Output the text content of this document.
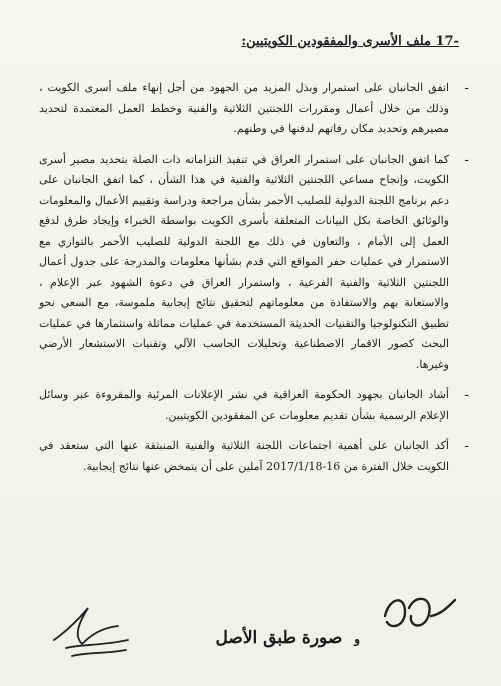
17- ملف الأسرى والمفقودين الكويتيين:
-
اتفق الجانبان على استمرار وبذل المزيد من الجهود من أجل إنهاء ملف أسرى الكويت ، وذلك من خلال أعمال ومقررات اللجنتين الثلاثية والفنية وخطط العمل المعتمدة لتحديد مصيرهم وتحديد مكان رفاتهم لدفنها في وطنهم.
-
كما اتفق الجانبان على استمرار العراق في تنفيذ التزاماته ذات الصلة بتحديد مصير أسرى الكويت، وإنجاح مساعي اللجنتين الثلاثية والفنية في هذا الشأن ، كما اتفق الجانبان على دعم برنامج اللجنة الدولية للصليب الأحمر بشأن مراجعة ودراسة وتقييم الأعمال والمعلومات والوثائق الخاصة بكل البيانات المتعلقة بأسرى الكويت بواسطة الخبراء وإيجاد طرق لدفع العمل إلى الأمام ، والتعاون في ذلك مع اللجنة الدولية للصليب الأحمر بالتوازي مع الاستمرار في عمليات حفر المواقع التي قدم بشأنها معلومات والمدرجة على جدول أعمال اللجنتين الثلاثية والفنية الفرعية ، واستمرار العراق في دعوة الشهود عبر الإعلام ، والاستعانة بهم والاستفادة من معلوماتهم لتحقيق نتائج إيجابية ملموسة، مع السعي نحو تطبيق التكنولوجيا والتقنيات الحديثة المستخدمة في عمليات مماثلة واستثمارها في عمليات البحث كصور الاقمار الاصطناعية وتحليلات الحاسب الآلي وتقنيات الاستشعار الأرضي وغيرها.
-
أشاد الجانبان بجهود الحكومة العراقية في نشر الإعلانات المرئية والمقروءة عبر وسائل الإعلام الرسمية بشأن تقديم معلومات عن المفقودين الكويتيين.
-
أكد الجانبان على أهمية اجتماعات اللجنة الثلاثية والفنية المنبثقة عنها التي ستعقد في الكويت خلال الفترة من 16-2017/1/18 آملين على أن يتمخض عنها نتائج إيجابية.
و صورة طبق الأصل
